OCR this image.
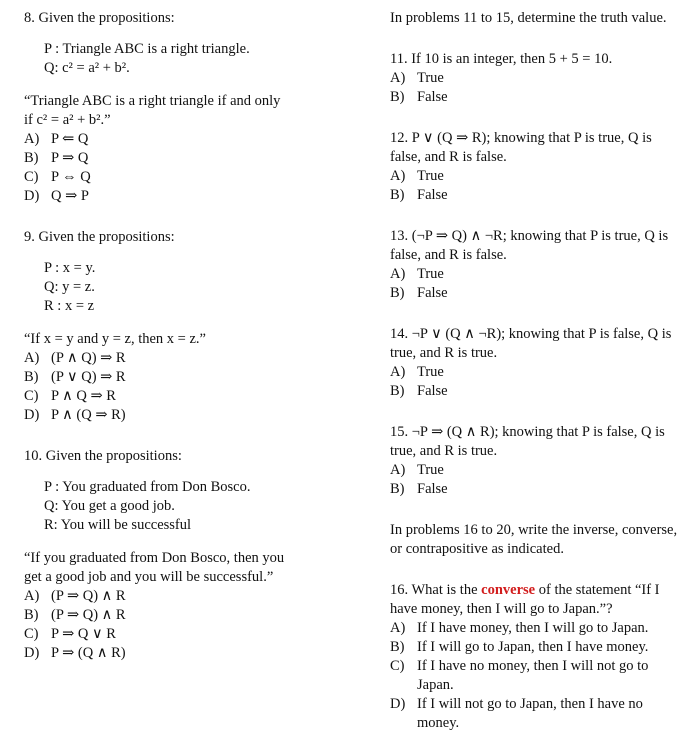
8. Given the propositions:

P : Triangle ABC is a right triangle.

Q: c² = a² + b².

“Triangle ABC is a right triangle if and only

if c² = a² + b².”

A) P ⇐ Q
B) P ⇒ Q
C) P ⇔ Q
D) Q ⇒ P

9. Given the propositions:

P : x = y.

Q: y = z.

R : x = z

“If x = y and y = z, then x = z.”

A) (P ∧ Q) ⇒ R
B) (P ∨ Q) ⇒ R
C) P ∧ Q ⇒ R
D) P ∧ (Q ⇒ R)

10. Given the propositions:

P : You graduated from Don Bosco.

Q: You get a good job.

R: You will be successful

“If you graduated from Don Bosco, then you

get a good job and you will be successful.”

A) (P ⇒ Q) ∧ R
B) (P ⇒ Q) ∧ R
C) P ⇒ Q ∨ R
D) P ⇒ (Q ∧ R)

In problems 11 to 15, determine the truth value.

11. If 10 is an integer, then 5 + 5 = 10.

A) True
B) False

12. P ∨ (Q ⇒ R); knowing that P is true, Q is false, and R is false.

A) True
B) False

13. (¬P ⇒ Q) ∧ ¬R; knowing that P is true, Q is false, and R is false.

A) True
B) False

14. ¬P ∨ (Q ∧ ¬R); knowing that P is false, Q is true, and R is true.

A) True
B) False

15. ¬P ⇒ (Q ∧ R); knowing that P is false, Q is true, and R is true.

A) True
B) False

In problems 16 to 20, write the inverse, converse, or contrapositive as indicated.

16. What is the converse of the statement “If I have money, then I will go to Japan.”?

A) If I have money, then I will go to Japan.
B) If I will go to Japan, then I have money.
C) If I have no money, then I will not go to Japan.
D) If I will not go to Japan, then I have no money.
